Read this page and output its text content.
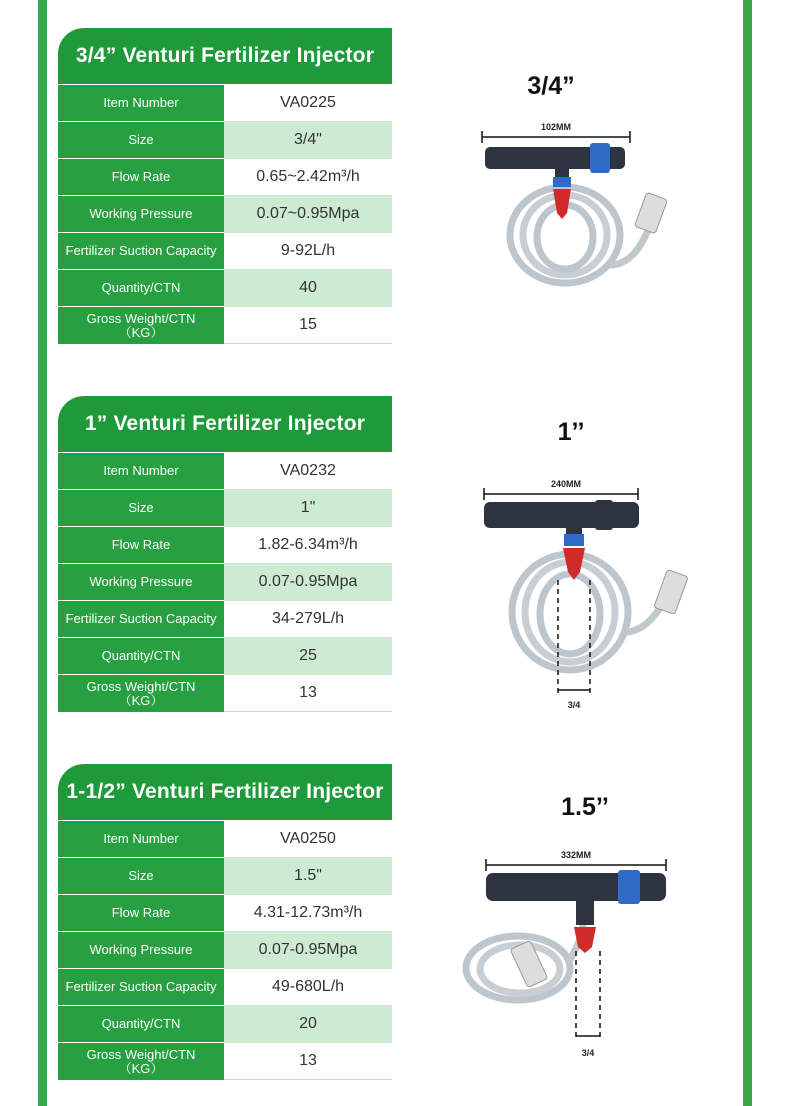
3/4” Venturi Fertilizer Injector
Item Number	VA0225
Size	3/4"
Flow Rate	0.65~2.42m³/h
Working Pressure	0.07~0.95Mpa
Fertilizer Suction Capacity	9-92L/h
Quantity/CTN	40
Gross Weight/CTN
（KG）	15
3/4”
102MM
1” Venturi Fertilizer Injector
Item Number	VA0232
Size	1"
Flow Rate	1.82-6.34m³/h
Working Pressure	0.07-0.95Mpa
Fertilizer Suction Capacity	34-279L/h
Quantity/CTN	25
Gross Weight/CTN
（KG）	13
1’’
240MM
3/4
1-1/2” Venturi Fertilizer Injector
Item Number	VA0250
Size	1.5"
Flow Rate	4.31-12.73m³/h
Working Pressure	0.07-0.95Mpa
Fertilizer Suction Capacity	49-680L/h
Quantity/CTN	20
Gross Weight/CTN
（KG）	13
1.5’’
332MM
3/4
